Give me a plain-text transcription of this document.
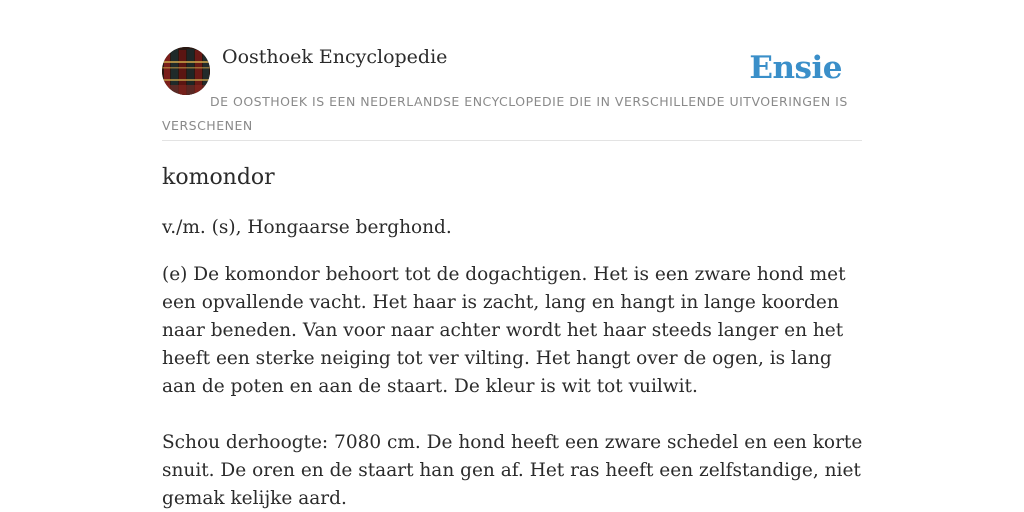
Oosthoek Encyclopedie	Ensie
DE OOSTHOEK IS EEN NEDERLANDSE ENCYCLOPEDIE DIE IN VERSCHILLENDE UITVOERINGEN IS VERSCHENEN
komondor

v./m. (s), Hongaarse berghond.

(e) De komondor behoort tot de dogachtigen. Het is een zware hond met een opvallende vacht. Het haar is zacht, lang en hangt in lange koorden naar beneden. Van voor naar achter wordt het haar steeds langer en het heeft een sterke neiging tot ver vilting. Het hangt over de ogen, is lang aan de poten en aan de staart. De kleur is wit tot vuilwit.

Schou derhoogte: 7080 cm. De hond heeft een zware schedel en een korte snuit. De oren en de staart han gen af. Het ras heeft een zelfstandige, niet gemak kelijke aard.
